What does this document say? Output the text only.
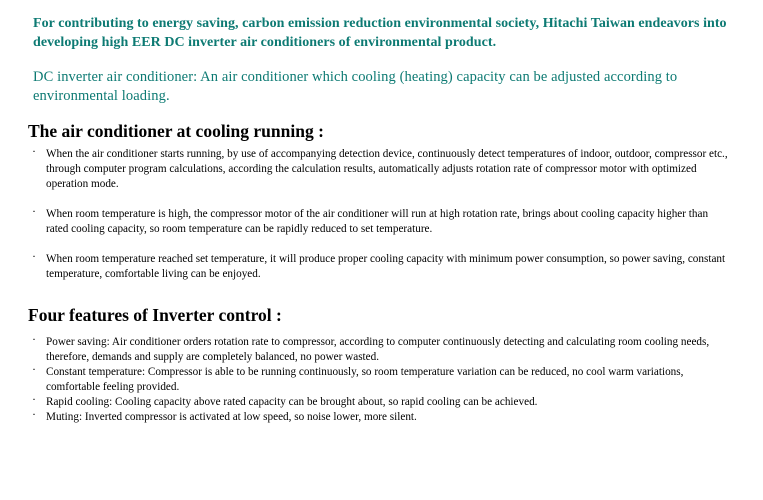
For contributing to energy saving, carbon emission reduction environmental society, Hitachi Taiwan endeavors into developing high EER DC inverter air conditioners of environmental product.

DC inverter air conditioner: An air conditioner which cooling (heating) capacity can be adjusted according to environmental loading.

The air conditioner at cooling running :
· When the air conditioner starts running, by use of accompanying detection device, continuously detect temperatures of indoor, outdoor, compressor etc., through computer program calculations, according the calculation results, automatically adjusts rotation rate of compressor motor with optimized operation mode.
· When room temperature is high, the compressor motor of the air conditioner will run at high rotation rate, brings about cooling capacity higher than rated cooling capacity, so room temperature can be rapidly reduced to set temperature.
· When room temperature reached set temperature, it will produce proper cooling capacity with minimum power consumption, so power saving, constant temperature, comfortable living can be enjoyed.
Four features of Inverter control :
· Power saving: Air conditioner orders rotation rate to compressor, according to computer continuously detecting and calculating room cooling needs, therefore, demands and supply are completely balanced, no power wasted.
· Constant temperature: Compressor is able to be running continuously, so room temperature variation can be reduced, no cool warm variations, comfortable feeling provided.
· Rapid cooling: Cooling capacity above rated capacity can be brought about, so rapid cooling can be achieved.
· Muting: Inverted compressor is activated at low speed, so noise lower, more silent.
